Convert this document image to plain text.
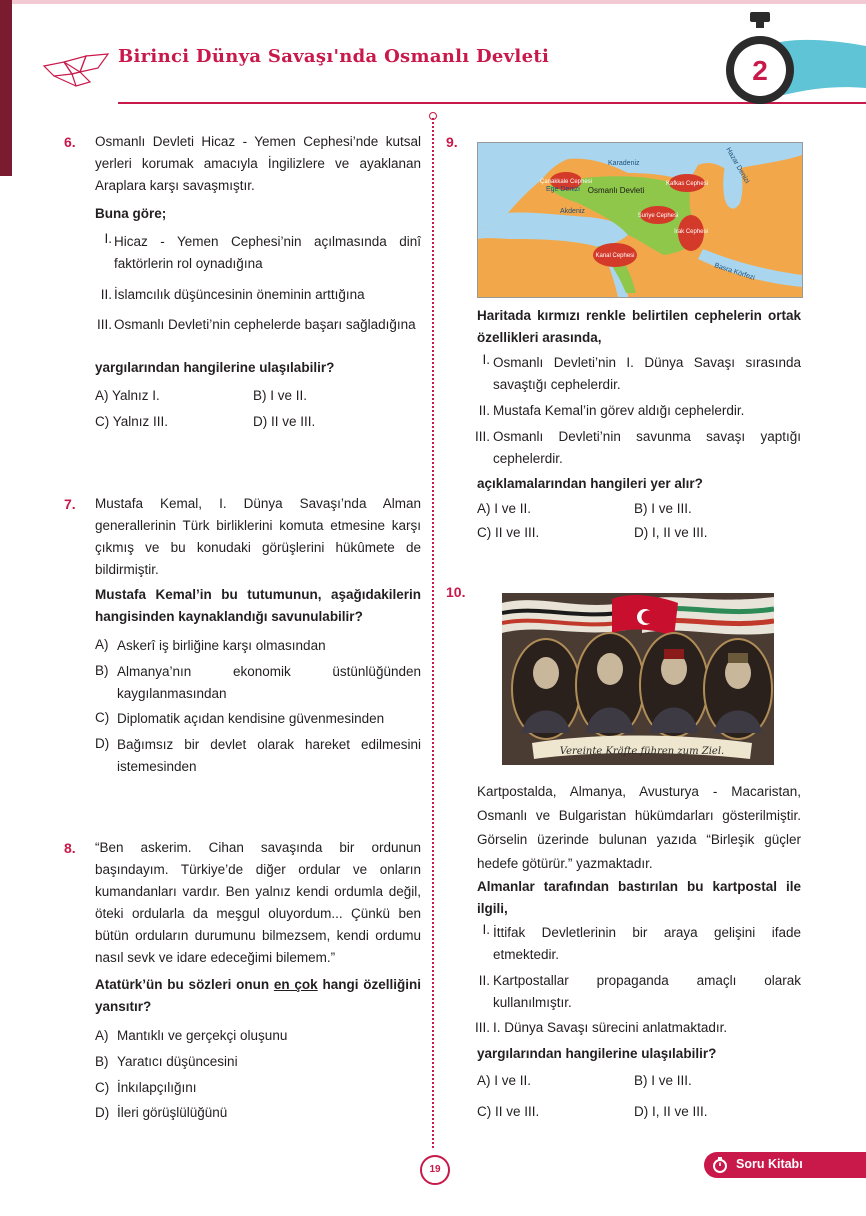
Birinci Dünya Savaşı'nda Osmanlı Devleti	2
6. Osmanlı Devleti Hicaz - Yemen Cephesi’nde kutsal yerleri korumak amacıyla İngilizlere ve ayaklanan Araplara karşı savaşmıştır.
Buna göre;
I. Hicaz - Yemen Cephesi’nin açılmasında dinî faktörlerin rol oynadığına
II. İslamcılık düşüncesinin öneminin arttığına
III. Osmanlı Devleti’nin cephelerde başarı sağladığına
yargılarından hangilerine ulaşılabilir?
A) Yalnız I.	B) I ve II.
C) Yalnız III.	D) II ve III.
7. Mustafa Kemal, I. Dünya Savaşı’nda Alman generallerinin Türk birliklerini komuta etmesine karşı çıkmış ve bu konudaki görüşlerini hükûmete de bildirmiştir.
Mustafa Kemal’in bu tutumunun, aşağıdakilerin hangisinden kaynaklandığı savunulabilir?
A) Askerî iş birliğine karşı olmasından
B) Almanya’nın ekonomik üstünlüğünden kaygılanmasından
C) Diplomatik açıdan kendisine güvenmesinden
D) Bağımsız bir devlet olarak hareket edilmesini istemesinden
8. “Ben askerim. Cihan savaşında bir ordunun başındayım. Türkiye’de diğer ordular ve onların kumandanları vardır. Ben yalnız kendi ordumla değil, öteki ordularla da meşgul oluyordum... Çünkü ben bütün orduların durumunu bilmezsem, kendi ordumu nasıl sevk ve idare edeceğimi bilemem.”
Atatürk’ün bu sözleri onun en çok hangi özelliğini yansıtır?
A) Mantıklı ve gerçekçi oluşunu
B) Yaratıcı düşüncesini
C) İnkılapçılığını
D) İleri görüşlülüğünü
9.
Karadeniz	Hazar Denizi
Ege Denizi
Akdeniz
Basra Körfezi
Çanakkale Cephesi	Kafkas Cephesi
Suriye Cephesi
Irak Cephesi
Kanal Cephesi
Osmanlı Devleti
Haritada kırmızı renkle belirtilen cephelerin ortak özellikleri arasında,
I. Osmanlı Devleti’nin I. Dünya Savaşı sırasında savaştığı cephelerdir.
II. Mustafa Kemal’in görev aldığı cephelerdir.
III. Osmanlı Devleti’nin savunma savaşı yaptığı cephelerdir.
açıklamalarından hangileri yer alır?
A) I ve II.	B) I ve III.
C) II ve III.	D) I, II ve III.
10.
Vereinte Kräfte führen zum Ziel.
Kartpostalda, Almanya, Avusturya - Macaristan, Osmanlı ve Bulgaristan hükümdarları gösterilmiştir. Görselin üzerinde bulunan yazıda “Birleşik güçler hedefe götürür.” yazmaktadır.
Almanlar tarafından bastırılan bu kartpostal ile ilgili,
I. İttifak Devletlerinin bir araya gelişini ifade etmektedir.
II. Kartpostallar propaganda amaçlı olarak kullanılmıştır.
III. I. Dünya Savaşı sürecini anlatmaktadır.
yargılarından hangilerine ulaşılabilir?
A) I ve II.	B) I ve III.
C) II ve III.	D) I, II ve III.
19	Soru Kitabı
